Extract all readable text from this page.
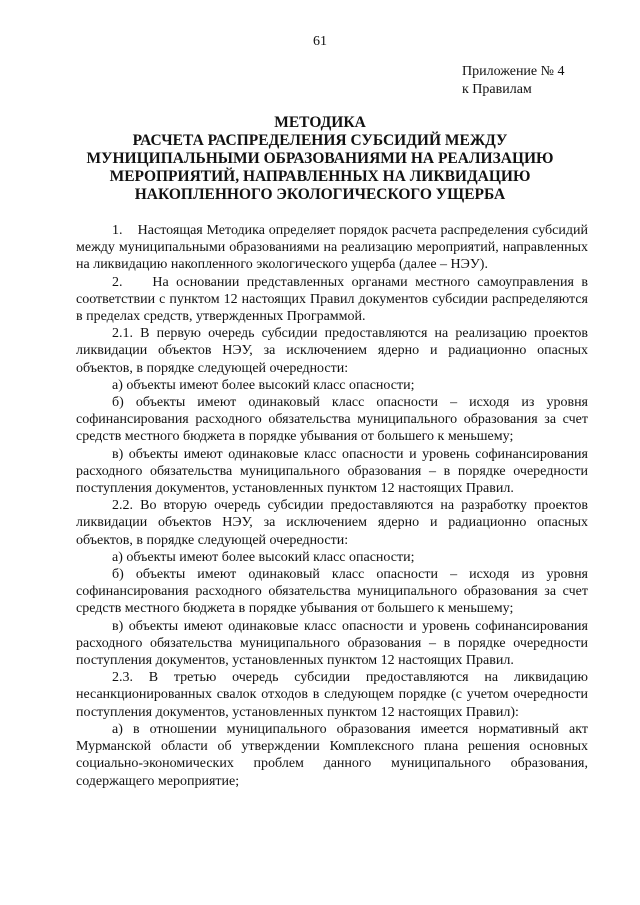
61
Приложение № 4
к Правилам
МЕТОДИКА
РАСЧЕТА РАСПРЕДЕЛЕНИЯ СУБСИДИЙ МЕЖДУ
МУНИЦИПАЛЬНЫМИ ОБРАЗОВАНИЯМИ НА РЕАЛИЗАЦИЮ
МЕРОПРИЯТИЙ, НАПРАВЛЕННЫХ НА ЛИКВИДАЦИЮ
НАКОПЛЕННОГО ЭКОЛОГИЧЕСКОГО УЩЕРБА

1.    Настоящая Методика определяет порядок расчета распределения субсидий между муниципальными образованиями на реализацию мероприятий, направленных на ликвидацию накопленного экологического ущерба (далее – НЭУ).

2.    На основании представленных органами местного самоуправления в соответствии с пунктом 12 настоящих Правил документов субсидии распределяются в пределах средств, утвержденных Программой.

2.1. В первую очередь субсидии предоставляются на реализацию проектов ликвидации объектов НЭУ, за исключением ядерно и радиационно опасных объектов, в порядке следующей очередности:

а) объекты имеют более высокий класс опасности;

б) объекты имеют одинаковый класс опасности – исходя из уровня софинансирования расходного обязательства муниципального образования за счет средств местного бюджета в порядке убывания от большего к меньшему;

в) объекты имеют одинаковые класс опасности и уровень софинансирования расходного обязательства муниципального образования – в порядке очередности поступления документов, установленных пунктом 12 настоящих Правил.

2.2. Во вторую очередь субсидии предоставляются на разработку проектов ликвидации объектов НЭУ, за исключением ядерно и радиационно опасных объектов, в порядке следующей очередности:

а) объекты имеют более высокий класс опасности;

б) объекты имеют одинаковый класс опасности – исходя из уровня софинансирования расходного обязательства муниципального образования за счет средств местного бюджета в порядке убывания от большего к меньшему;

в) объекты имеют одинаковые класс опасности и уровень софинансирования расходного обязательства муниципального образования – в порядке очередности поступления документов, установленных пунктом 12 настоящих Правил.

2.3. В третью очередь субсидии предоставляются на ликвидацию несанкционированных свалок отходов в следующем порядке (с учетом очередности поступления документов, установленных пунктом 12 настоящих Правил):

а) в отношении муниципального образования имеется нормативный акт Мурманской области об утверждении Комплексного плана решения основных социально-экономических проблем данного муниципального образования, содержащего мероприятие;
